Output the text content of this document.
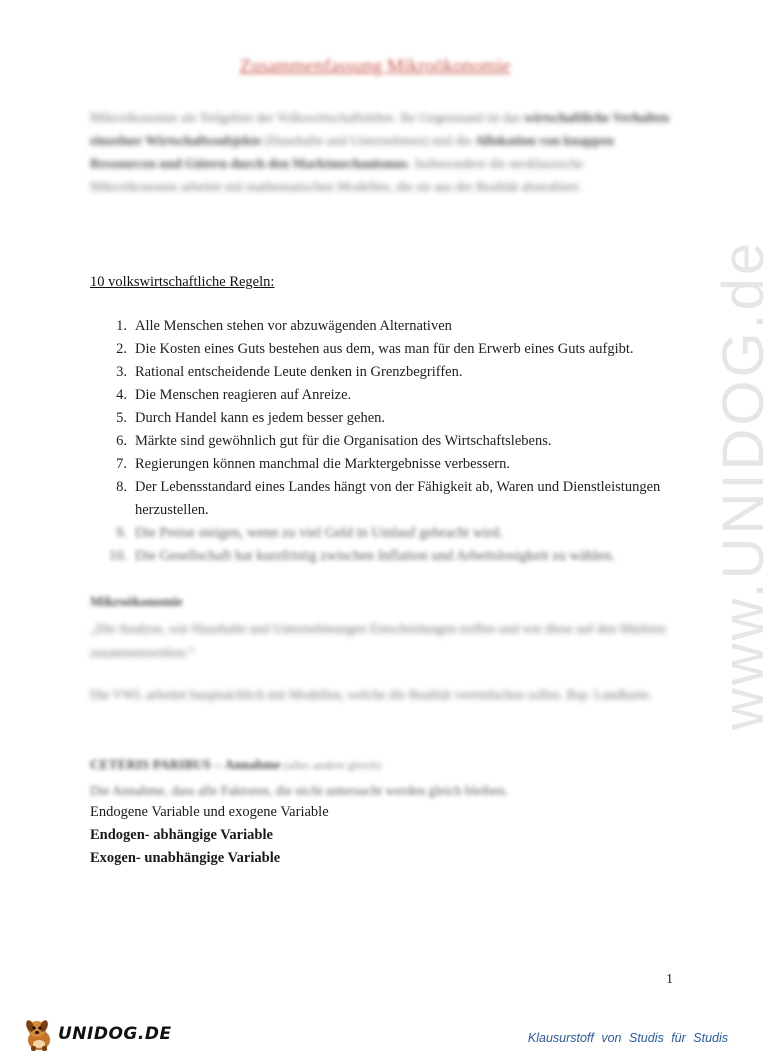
Zusammenfassung Mikroökonomie
Mikroökonomie als Teilgebiet der Volkswirtschaftslehre. Ihr Gegenstand ist das wirtschaftliche Verhalten einzelner Wirtschaftssubjekte (Haushalte und Unternehmen) und die Allokation von knappen Ressourcen und Gütern durch den Marktmechanismus. Insbesondere die neoklassische Mikroökonomie arbeitet mit mathematischen Modellen, die sie aus der Realität abstrahiert.
10 volkswirtschaftliche Regeln:
1. Alle Menschen stehen vor abzuwägenden Alternativen
2. Die Kosten eines Guts bestehen aus dem, was man für den Erwerb eines Guts aufgibt.
3. Rational entscheidende Leute denken in Grenzbegriffen.
4. Die Menschen reagieren auf Anreize.
5. Durch Handel kann es jedem besser gehen.
6. Märkte sind gewöhnlich gut für die Organisation des Wirtschaftslebens.
7. Regierungen können manchmal die Marktergebnisse verbessern.
8. Der Lebensstandard eines Landes hängt von der Fähigkeit ab, Waren und Dienstleistungen herzustellen.
9. Die Preise steigen, wenn zu viel Geld in Umlauf gebracht wird.
10. Die Gesellschaft hat kurzfristig zwischen Inflation und Arbeitslosigkeit zu wählen.
Mikroökonomie
„Die Analyse, wie Haushalte und Unternehmungen Entscheidungen treffen und wie diese auf den Märkten zusammenwirken.“
Die VWL arbeitet hauptsächlich mit Modellen, welche die Realität vereinfachen sollen. Bsp. Landkarte.
CETERIS PARIBUS – Annahme (alles andere gleich)
Die Annahme, dass alle Faktoren, die nicht untersucht werden gleich bleiben.
Endogene Variable und exogene Variable
Endogen- abhängige Variable
Exogen- unabhängige Variable
www.UNIDOG.de
1
UNIDOG.DE	Klausurstoff von Studis für Studis
